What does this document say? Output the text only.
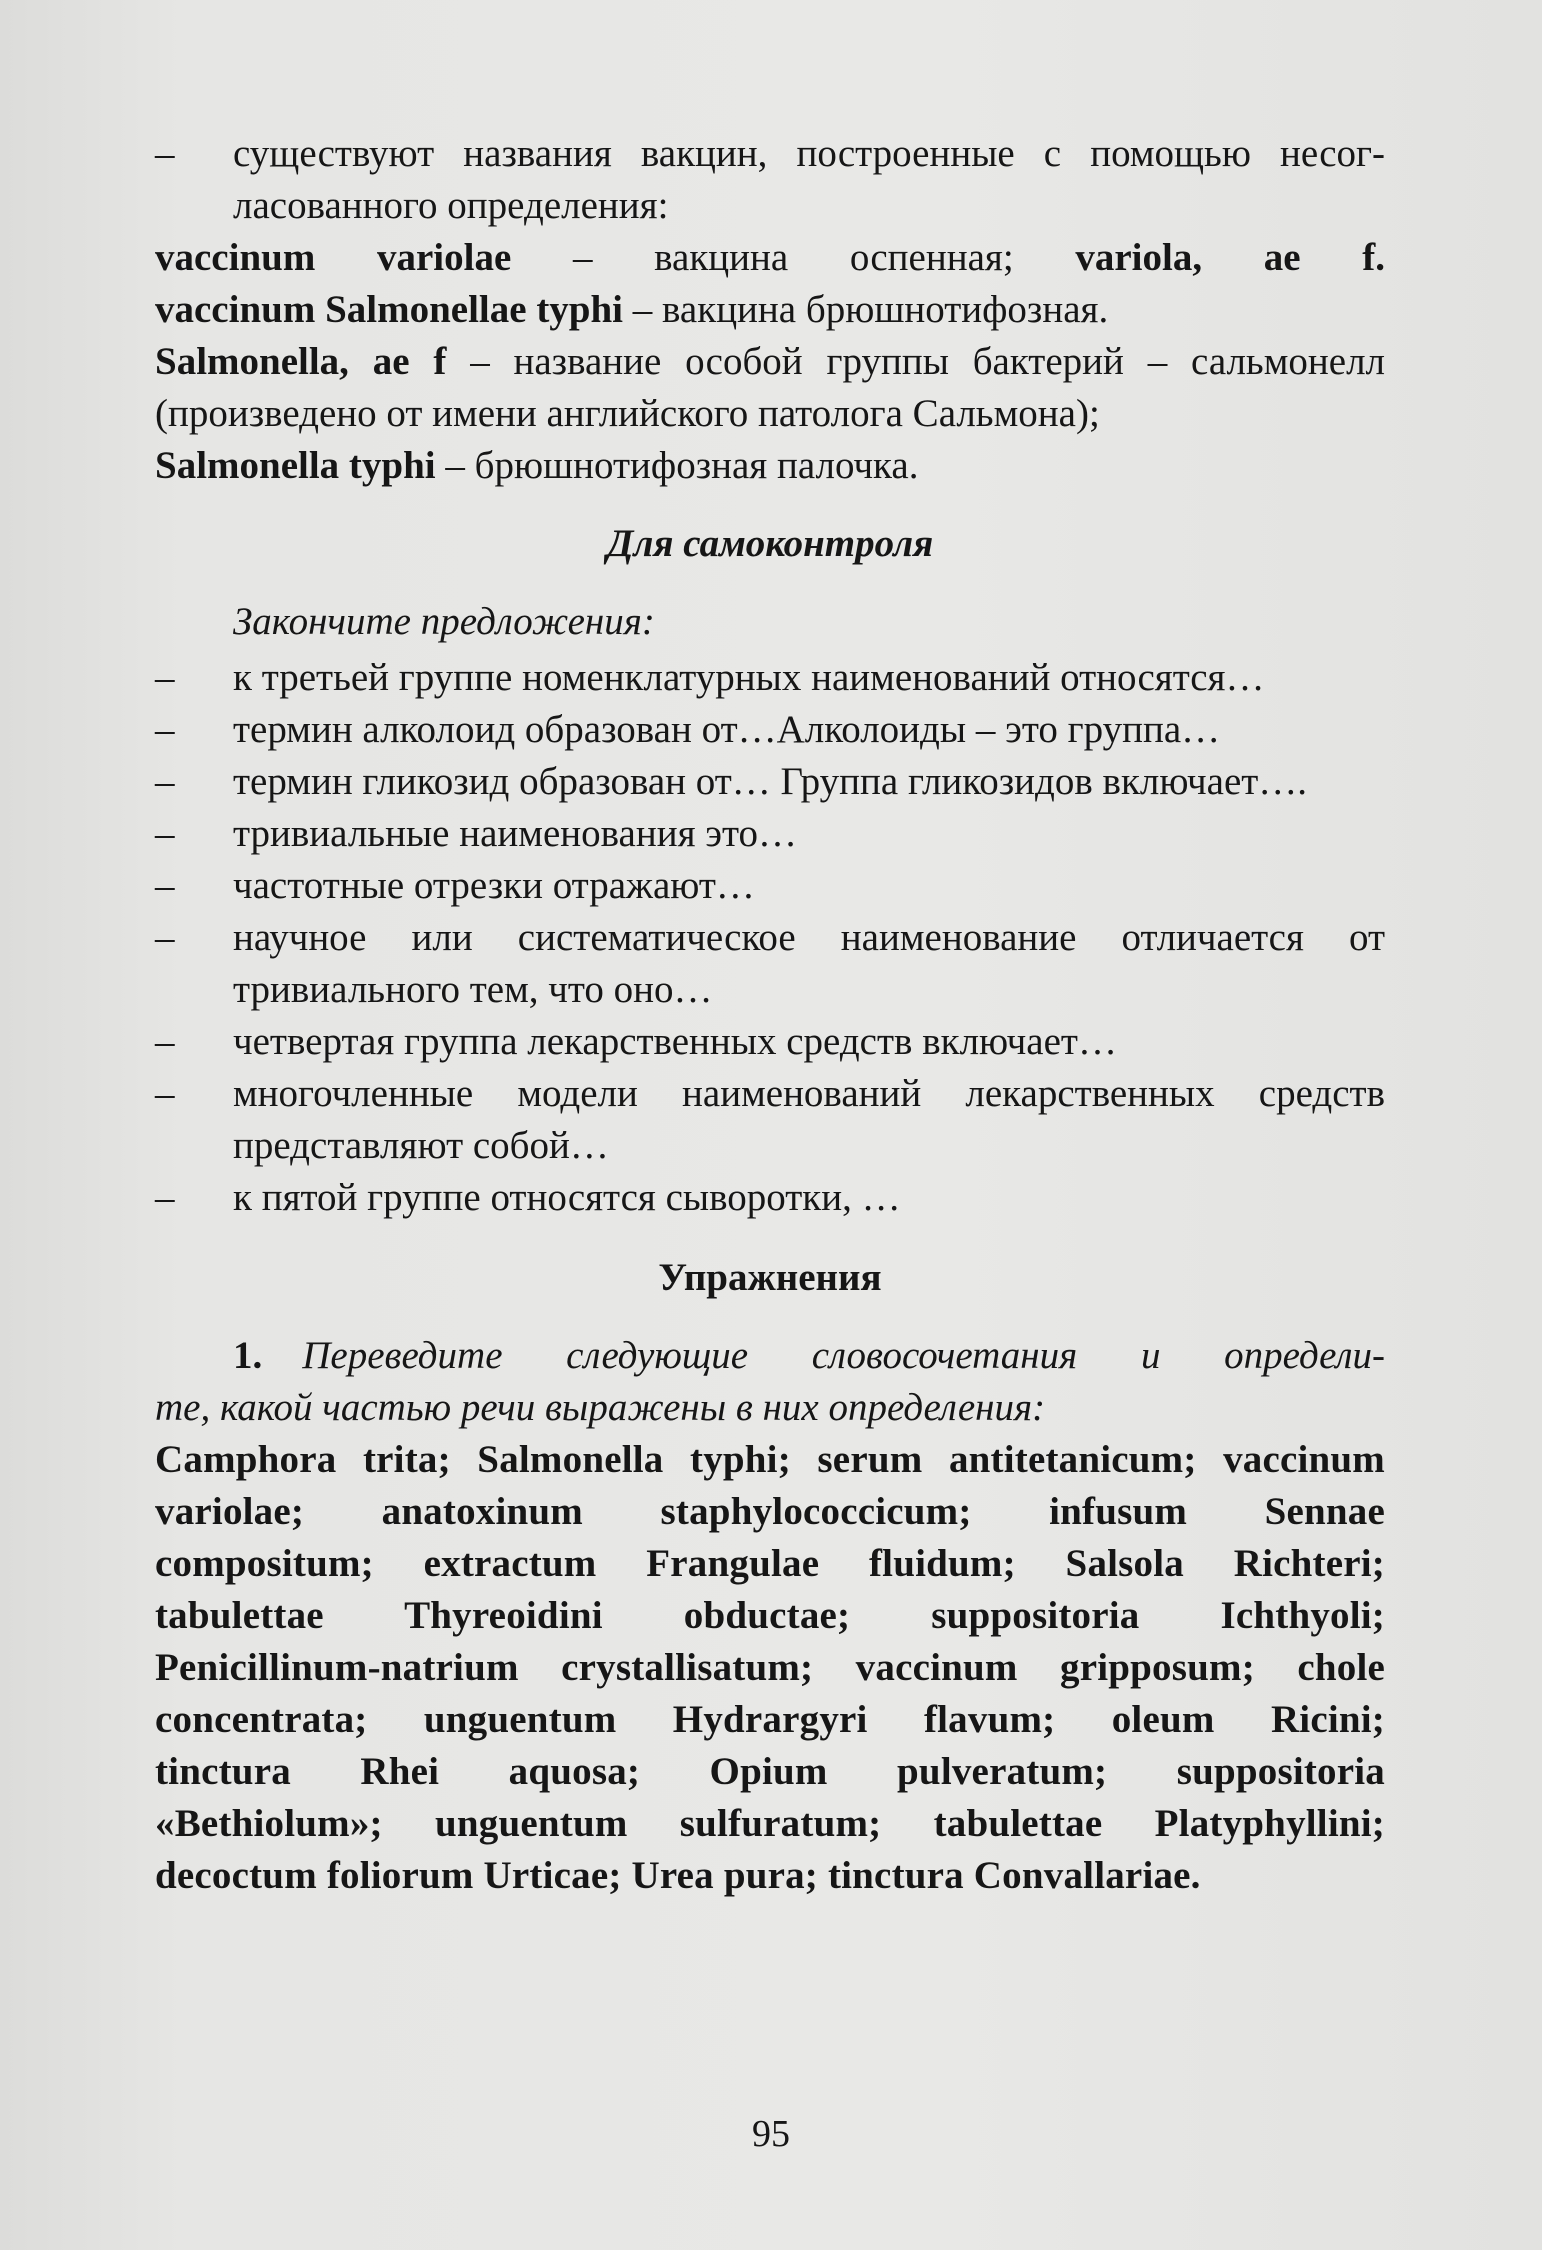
–	существуют названия вакцин, построенные с помощью несог-
ласованного определения:
vaccinum variolae – вакцина оспенная; variola, ae f.
vaccinum Salmonellae typhi – вакцина брюшнотифозная.
Salmonella, ae f – название особой группы бактерий – сальмонелл
(произведено от имени английского патолога Сальмона);
Salmonella typhi – брюшнотифозная палочка.
Для самоконтроля
Закончите предложения:
–	к третьей группе номенклатурных наименований относятся…
–	термин алколоид образован от…Алколоиды – это группа…
–	термин гликозид образован от… Группа гликозидов включает….
–	тривиальные наименования это…
–	частотные отрезки отражают…
–	научное или систематическое наименование отличается от
тривиального тем, что оно…
–	четвертая группа лекарственных средств включает…
–	многочленные модели наименований лекарственных средств
представляют собой…
–	к пятой группе относятся сыворотки, …
Упражнения
1. Переведите следующие словосочетания и определи-
те, какой частью речи выражены в них определения:
Camphora trita; Salmonella typhi; serum antitetanicum; vaccinum
variolae; anatoxinum staphylococcicum; infusum Sennae
compositum; extractum Frangulae fluidum; Salsola Richteri;
tabulettae Thyreoidini obductae; suppositoria Ichthyoli;
Penicillinum-natrium crystallisatum; vaccinum gripposum; chole
concentrata; unguentum Hydrargyri flavum; oleum Ricini;
tinctura Rhei aquosa; Opium pulveratum; suppositoria
«Bethiolum»; unguentum sulfuratum; tabulettae Platyphyllini;
decoctum foliorum Urticae; Urea pura; tinctura Convallariae.
95
